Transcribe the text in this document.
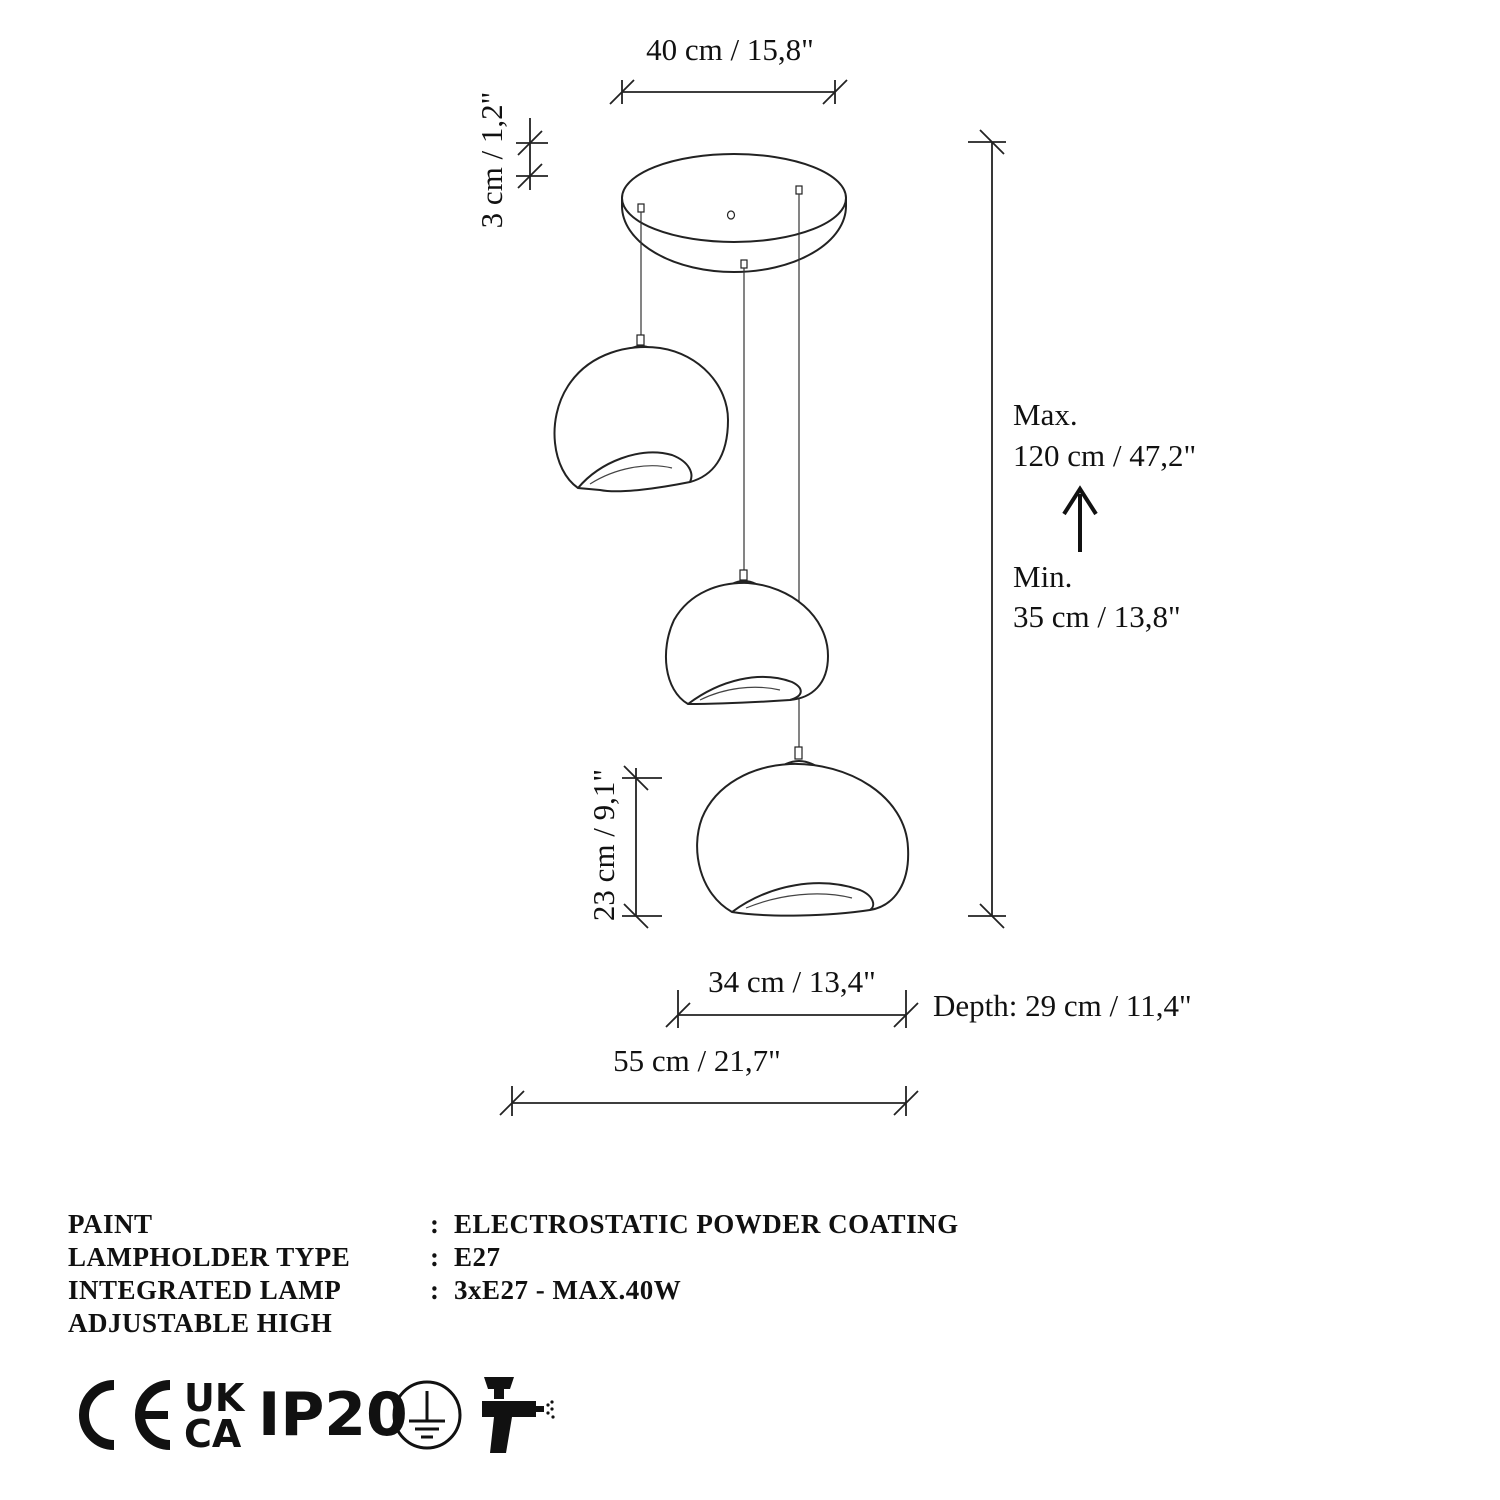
40 cm / 15,8"
3 cm / 1,2"
Max.
120 cm / 47,2"
Min.
35 cm / 13,8"
23 cm / 9,1"
34 cm / 13,4"
Depth: 29 cm / 11,4"
55 cm / 21,7"
PAINT	: ELECTROSTATIC POWDER COATING
LAMPHOLDER TYPE	: E27
INTEGRATED LAMP	: 3xE27 - MAX.40W
ADJUSTABLE HIGH
CE
UK
CA IP20
